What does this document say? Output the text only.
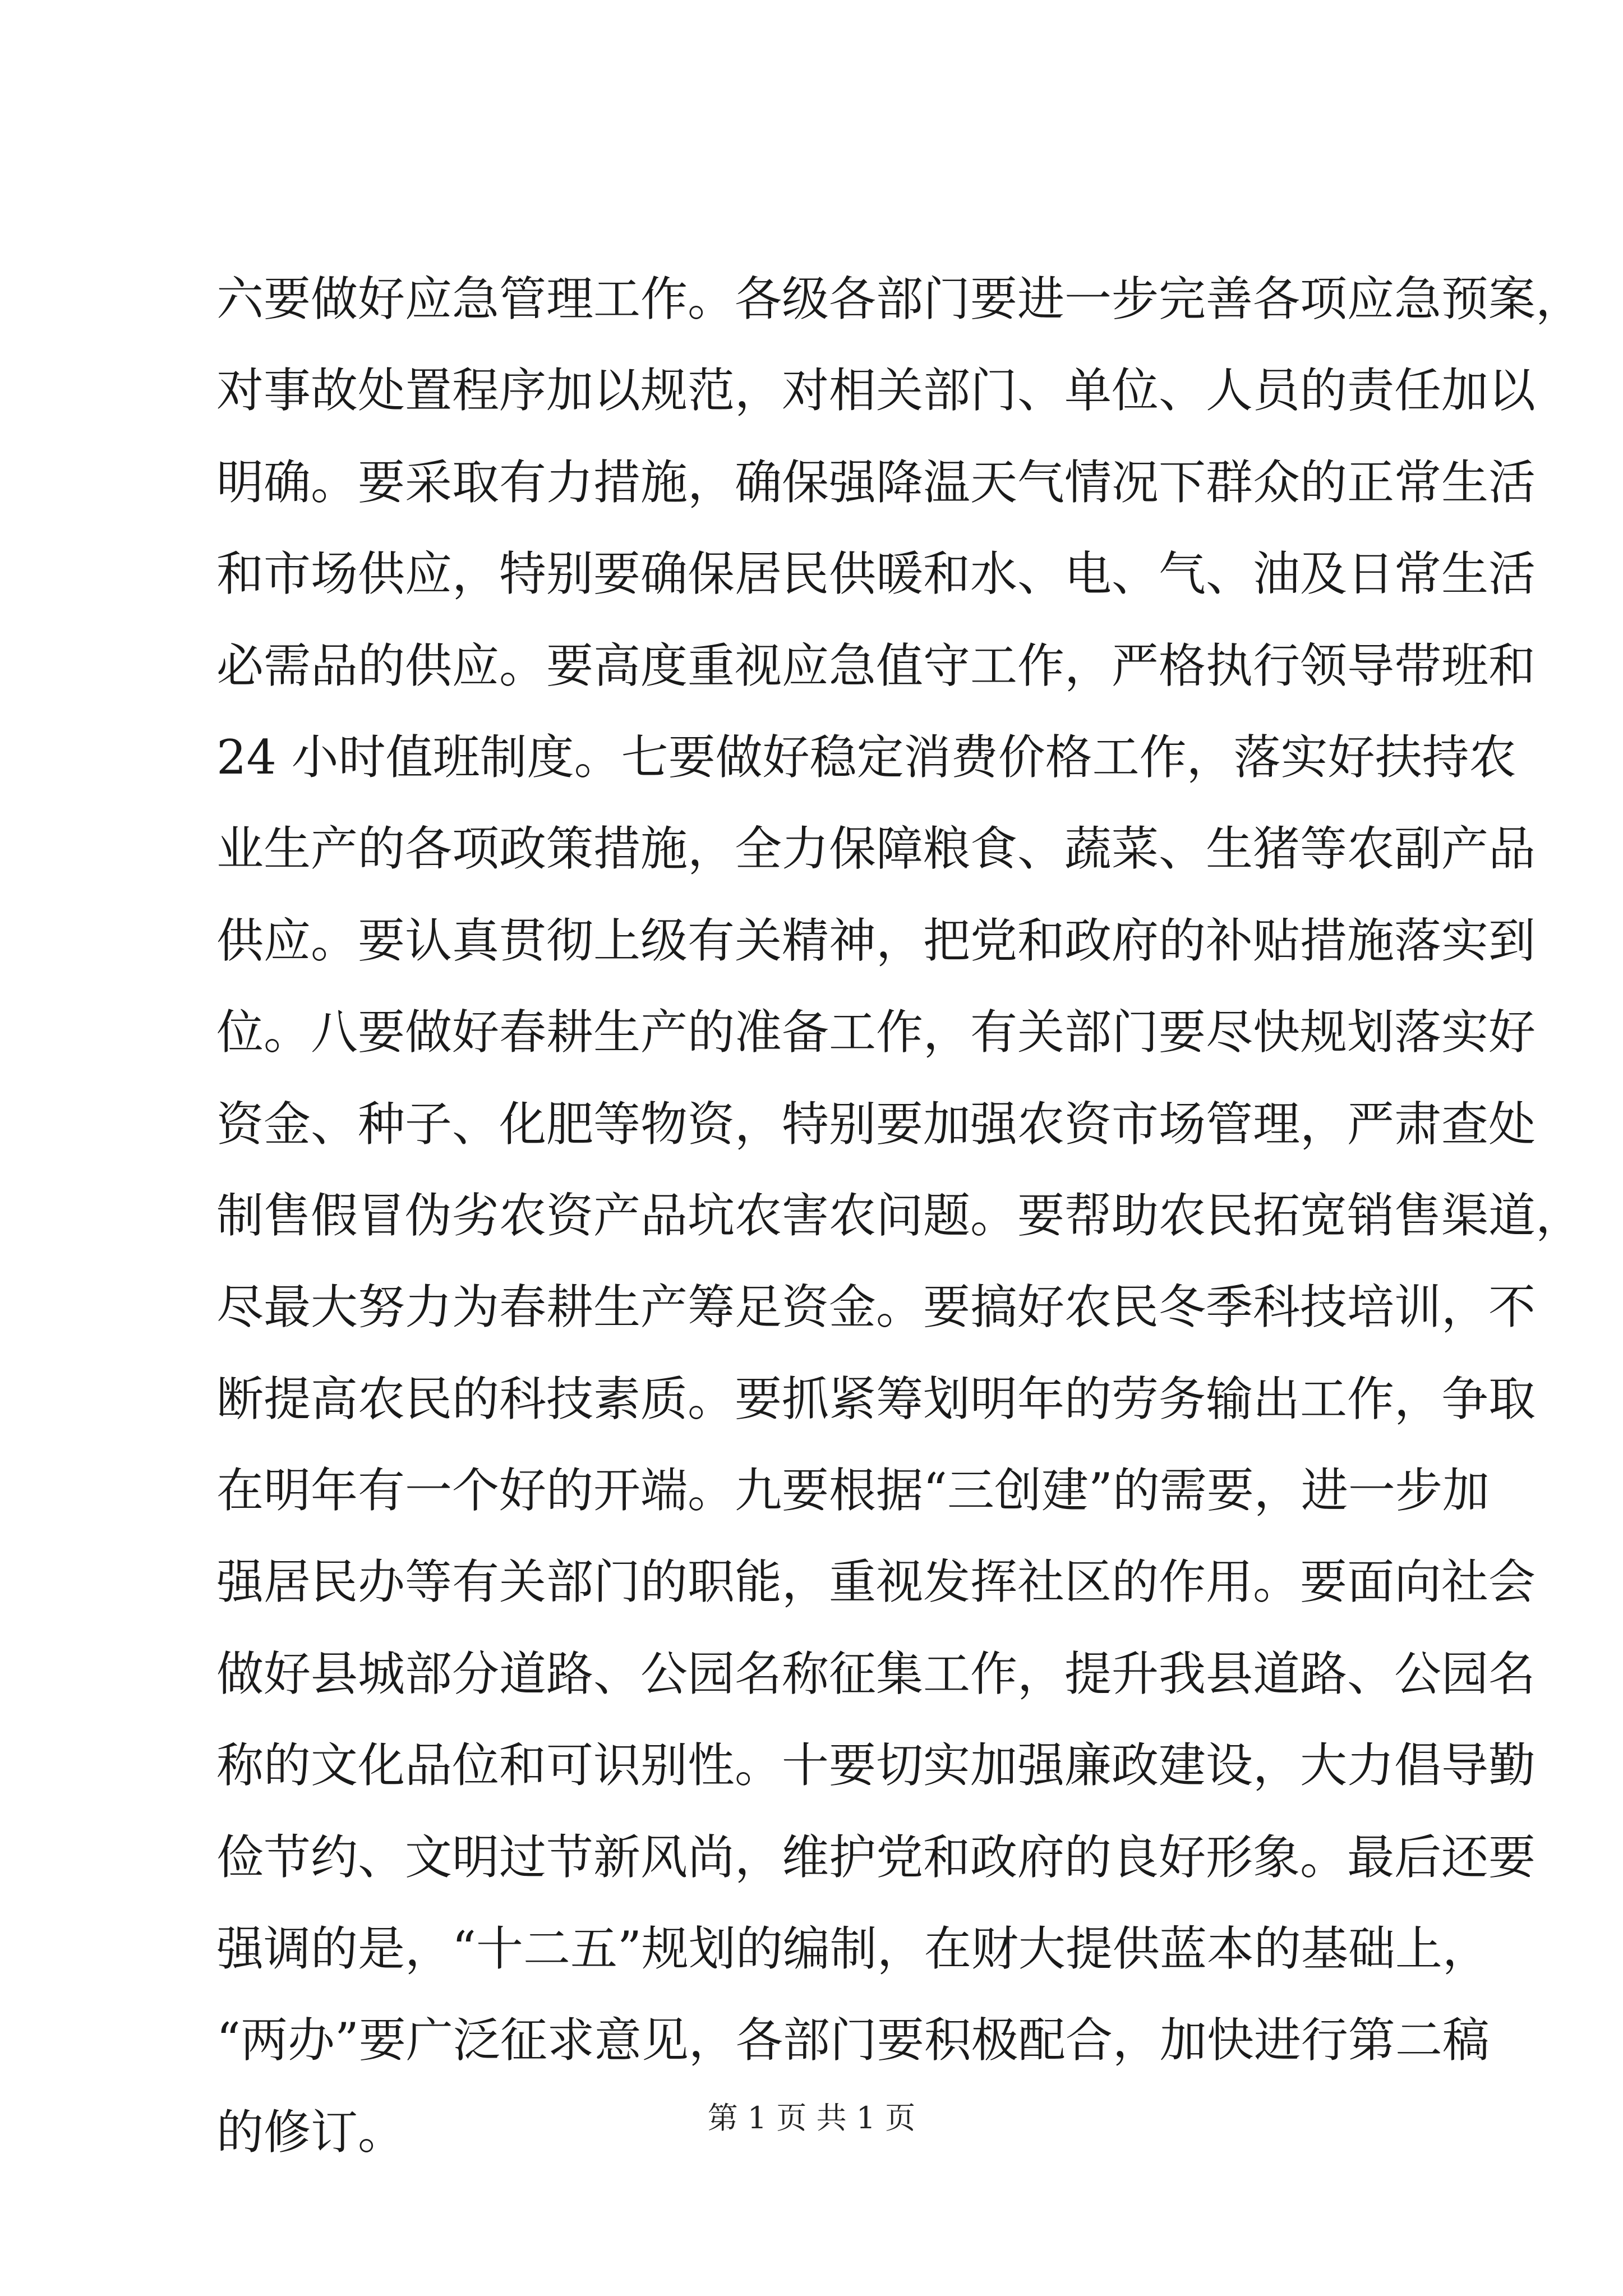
六要做好应急管理工作。各级各部门要进一步完善各项应急预案，
对事故处置程序加以规范，对相关部门、单位、人员的责任加以
明确。要采取有力措施，确保强降温天气情况下群众的正常生活
和市场供应，特别要确保居民供暖和水、电、气、油及日常生活
必需品的供应。要高度重视应急值守工作，严格执行领导带班和
24 小时值班制度。七要做好稳定消费价格工作，落实好扶持农
业生产的各项政策措施，全力保障粮食、蔬菜、生猪等农副产品
供应。要认真贯彻上级有关精神，把党和政府的补贴措施落实到
位。八要做好春耕生产的准备工作，有关部门要尽快规划落实好
资金、种子、化肥等物资，特别要加强农资市场管理，严肃查处
制售假冒伪劣农资产品坑农害农问题。要帮助农民拓宽销售渠道，
尽最大努力为春耕生产筹足资金。要搞好农民冬季科技培训，不
断提高农民的科技素质。要抓紧筹划明年的劳务输出工作，争取
在明年有一个好的开端。九要根据“三创建”的需要，进一步加
强居民办等有关部门的职能，重视发挥社区的作用。要面向社会
做好县城部分道路、公园名称征集工作，提升我县道路、公园名
称的文化品位和可识别性。十要切实加强廉政建设，大力倡导勤
俭节约、文明过节新风尚，维护党和政府的良好形象。最后还要
强调的是，“十二五”规划的编制，在财大提供蓝本的基础上，
“两办”要广泛征求意见，各部门要积极配合，加快进行第二稿
的修订。	第 1 页 共 1 页
